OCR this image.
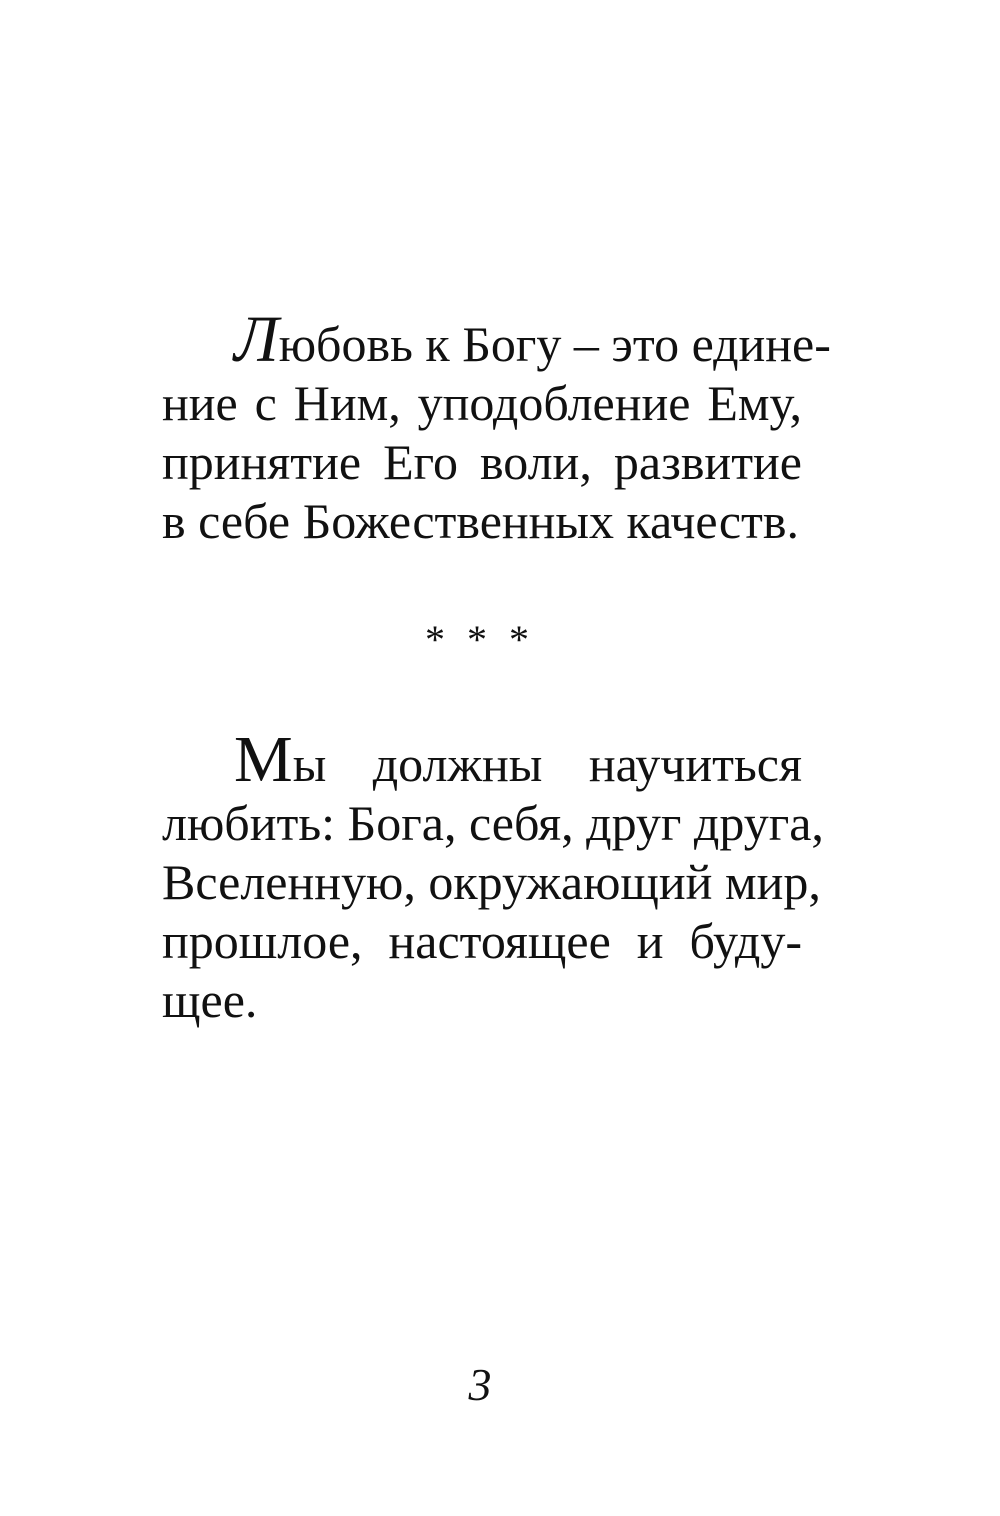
Любовь к Богу – это едине-
ние с Ним, уподобление Ему,
принятие Его воли, развитие
в себе Божественных качеств.
* * *
Мы должны научиться
любить: Бога, себя, друг друга,
Вселенную, окружающий мир,
прошлое, настоящее и буду-
щее.
3
